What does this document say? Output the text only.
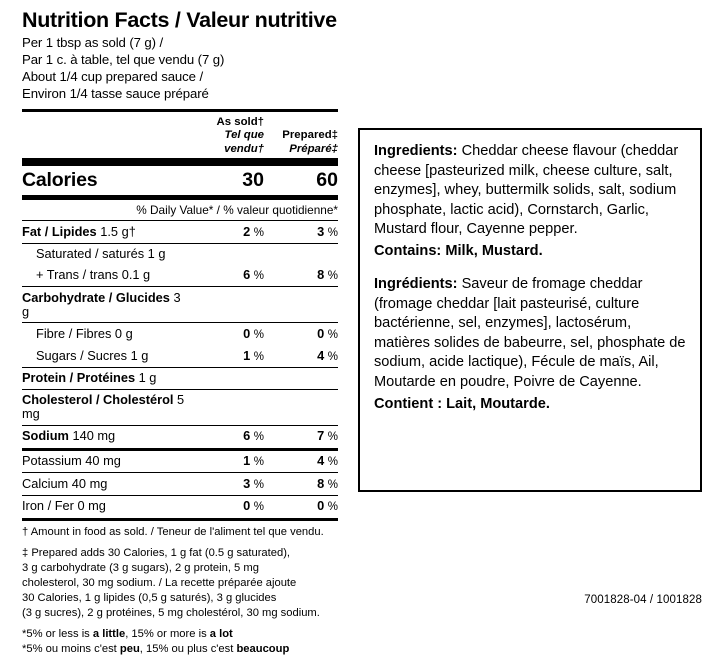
Nutrition Facts / Valeur nutritive
Per 1 tbsp as sold (7 g) /
Par 1 c. à table, tel que vendu (7 g)
About 1/4 cup prepared sauce /
Environ 1/4 tasse sauce préparé
As sold†
Tel que vendu†
Prepared‡
Préparé‡
Calories	30	60
% Daily Value* / % valeur quotidienne*
Fat / Lipides 1.5 g†	2 %	3 %
Saturated / saturés 1 g
+ Trans / trans 0.1 g	6 %	8 %
Carbohydrate / Glucides 3 g
Fibre / Fibres 0 g	0 %	0 %
Sugars / Sucres 1 g	1 %	4 %
Protein / Protéines 1 g
Cholesterol / Cholestérol 5 mg
Sodium 140 mg	6 %	7 %
Potassium 40 mg	1 %	4 %
Calcium 40 mg	3 %	8 %
Iron / Fer 0 mg	0 %	0 %

† Amount in food as sold. / Teneur de l'aliment tel que vendu.

‡ Prepared adds 30 Calories, 1 g fat (0.5 g saturated),

3 g carbohydrate (3 g sugars), 2 g protein, 5 mg

cholesterol, 30 mg sodium. / La recette préparée ajoute

30 Calories, 1 g lipides (0,5 g saturés), 3 g glucides

(3 g sucres), 2 g protéines, 5 mg cholestérol, 30 mg sodium.

*5% or less is a little, 15% or more is a lot

*5% ou moins c'est peu, 15% ou plus c'est beaucoup

Ingredients: Cheddar cheese flavour (cheddar cheese [pasteurized milk, cheese culture, salt, enzymes], whey, buttermilk solids, salt, sodium phosphate, lactic acid), Cornstarch, Garlic, Mustard flour, Cayenne pepper.

Contains: Milk, Mustard.

Ingrédients: Saveur de fromage cheddar (fromage cheddar [lait pasteurisé, culture bactérienne, sel, enzymes], lactosérum, matières solides de babeurre, sel, phosphate de sodium, acide lactique), Fécule de maïs, Ail, Moutarde en poudre, Poivre de Cayenne.

Contient : Lait, Moutarde.

7001828-04 / 1001828
